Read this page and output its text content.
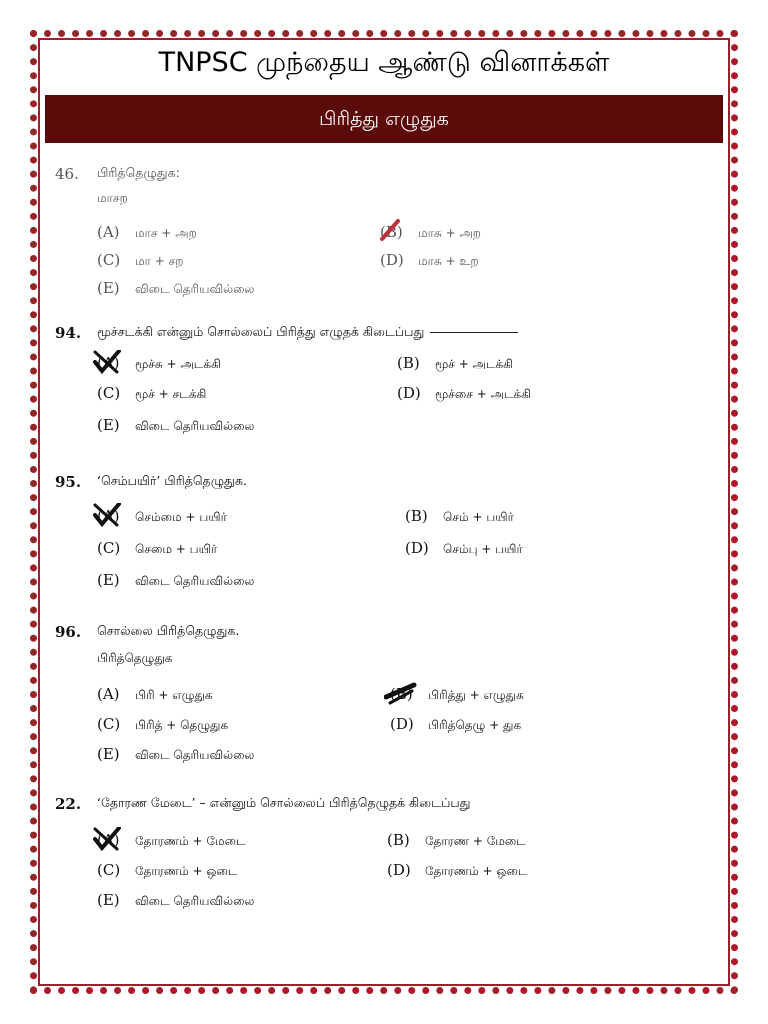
TNPSC முந்தைய ஆண்டு வினாக்கள்
பிரித்து எழுதுக
46. பிரித்தெழுதுக:
மாசற
(A) மாச + அற	(B) மாசு + அற
(C) மா + சற	(D) மாசு + உற
(E) விடை தெரியவில்லை
94. மூச்சடக்கி என்னும் சொல்லைப் பிரித்து எழுதக் கிடைப்பது
(A) மூச்சு + அடக்கி	(B) மூச் + அடக்கி
(C) மூச் + சடக்கி	(D) மூச்சை + அடக்கி
(E) விடை தெரியவில்லை
95. ‘செம்பயிர்’ பிரித்தெழுதுக.
(A) செம்மை + பயிர்	(B) செம் + பயிர்
(C) செமை + பயிர்	(D) செம்பு + பயிர்
(E) விடை தெரியவில்லை
96. சொல்லை பிரித்தெழுதுக.
பிரித்தெழுதுக
(A) பிரி + எழுதுக	(B) பிரித்து + எழுதுக
(C) பிரித் + தெழுதுக	(D) பிரித்தெழு + துக
(E) விடை தெரியவில்லை
22. ‘தோரண மேடை’ – என்னும் சொல்லைப் பிரித்தெழுதக் கிடைப்பது
(A) தோரணம் + மேடை	(B) தோரண + மேடை
(C) தோரணம் + ஒடை	(D) தோரணம் + ஒடை
(E) விடை தெரியவில்லை
